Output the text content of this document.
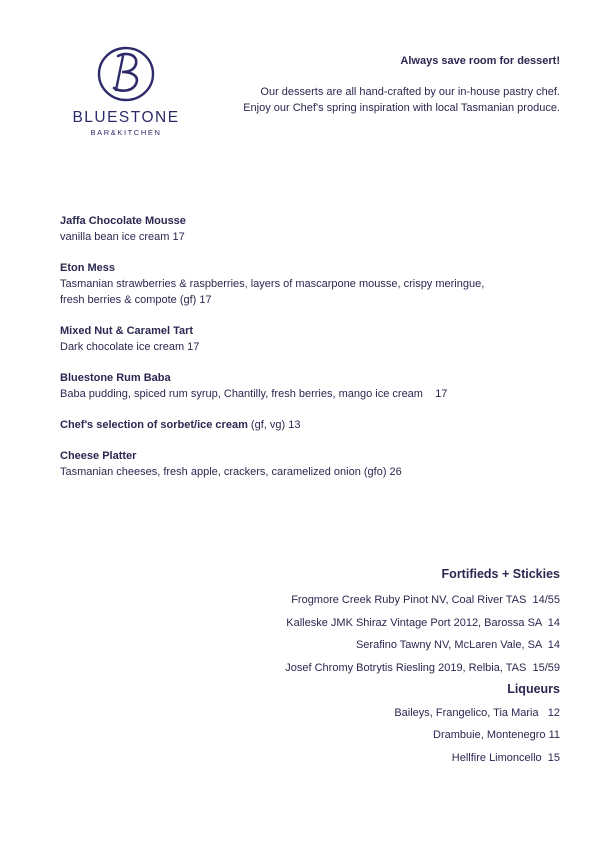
BLUESTONE
BAR&KITCHEN
Always save room for dessert!
Our desserts are all hand-crafted by our in-house pastry chef. Enjoy our Chef's spring inspiration with local Tasmanian produce.
Jaffa Chocolate Mousse
vanilla bean ice cream 17
Eton Mess
Tasmanian strawberries & raspberries, layers of mascarpone mousse, crispy meringue, fresh berries & compote (gf) 17
Mixed Nut & Caramel Tart
Dark chocolate ice cream 17
Bluestone Rum Baba
Baba pudding, spiced rum syrup, Chantilly, fresh berries, mango ice cream    17
Chef's selection of sorbet/ice cream (gf, vg) 13
Cheese Platter
Tasmanian cheeses, fresh apple, crackers, caramelized onion (gfo) 26
Fortifieds + Stickies
Frogmore Creek Ruby Pinot NV, Coal River TAS  14/55
Kalleske JMK Shiraz Vintage Port 2012, Barossa SA  14
Serafino Tawny NV, McLaren Vale, SA  14
Josef Chromy Botrytis Riesling 2019, Relbia, TAS  15/59
Liqueurs
Baileys, Frangelico, Tia Maria   12
Drambuie, Montenegro 11
Hellfire Limoncello  15
